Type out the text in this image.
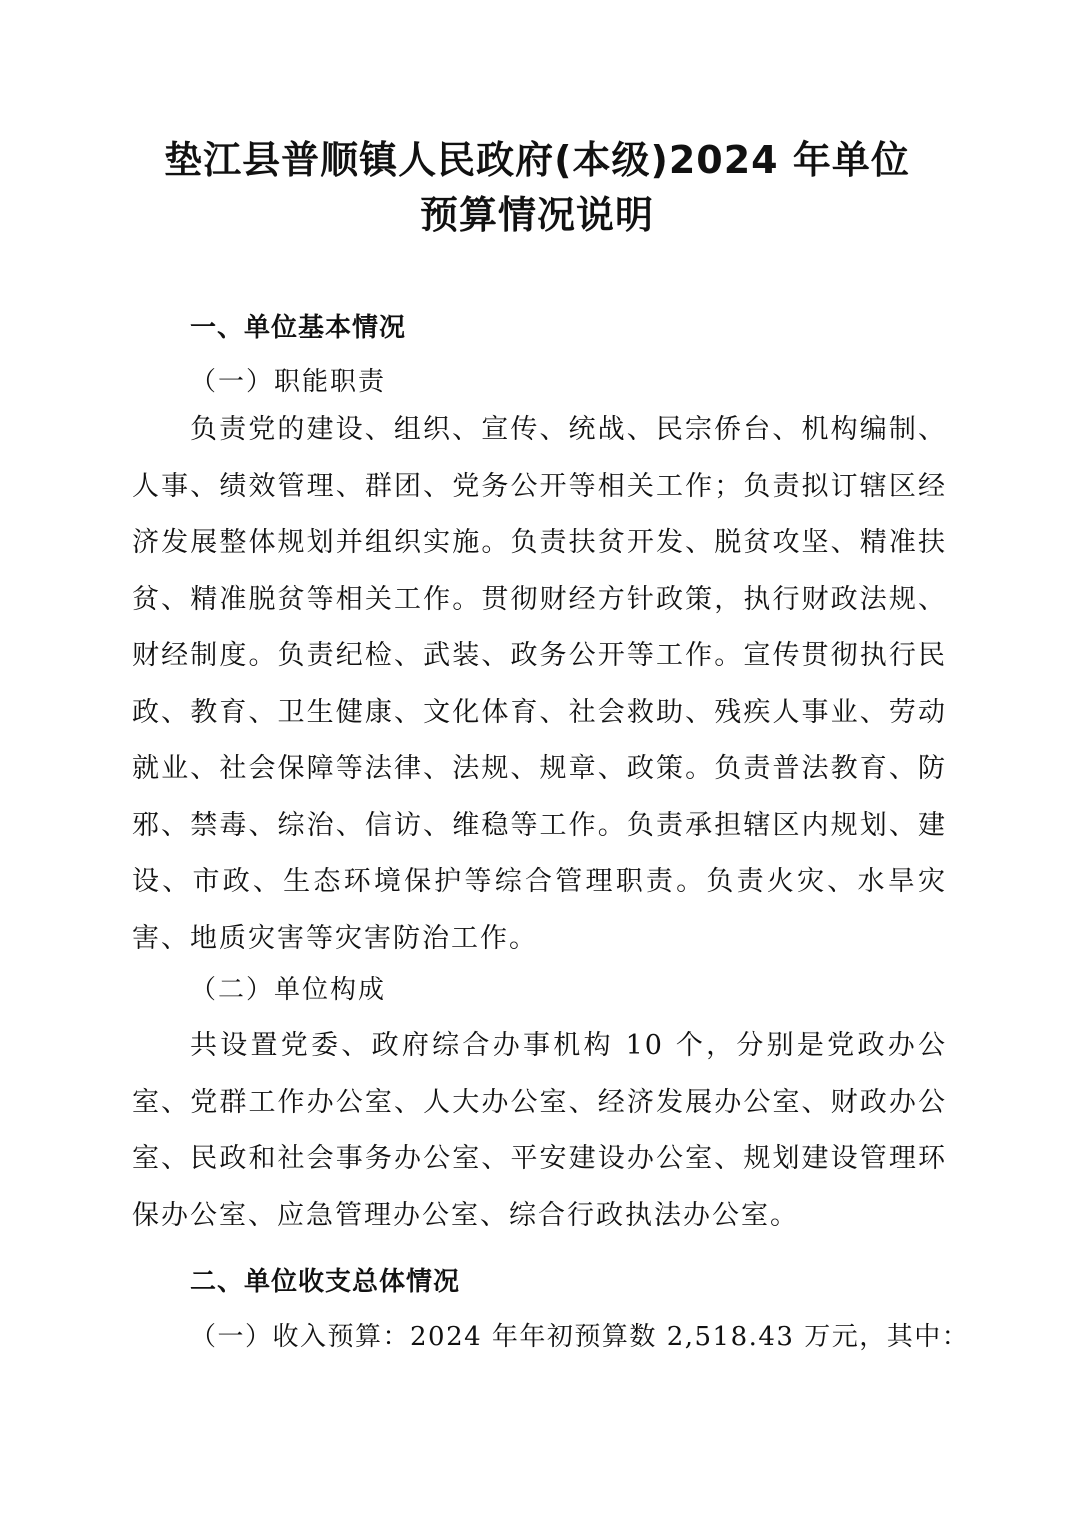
垫江县普顺镇人民政府(本级)2024 年单位
预算情况说明
一、单位基本情况
（一）职能职责
负责党的建设、组织、宣传、统战、民宗侨台、机构编制、人事、绩效管理、群团、党务公开等相关工作；负责拟订辖区经济发展整体规划并组织实施。负责扶贫开发、脱贫攻坚、精准扶贫、精准脱贫等相关工作。贯彻财经方针政策，执行财政法规、财经制度。负责纪检、武装、政务公开等工作。宣传贯彻执行民政、教育、卫生健康、文化体育、社会救助、残疾人事业、劳动就业、社会保障等法律、法规、规章、政策。负责普法教育、防邪、禁毒、综治、信访、维稳等工作。负责承担辖区内规划、建设、市政、生态环境保护等综合管理职责。负责火灾、水旱灾害、地质灾害等灾害防治工作。
（二）单位构成
共设置党委、政府综合办事机构 10 个，分别是党政办公室、党群工作办公室、人大办公室、经济发展办公室、财政办公室、民政和社会事务办公室、平安建设办公室、规划建设管理环保办公室、应急管理办公室、综合行政执法办公室。
二、单位收支总体情况
（一）收入预算：2024 年年初预算数 2,518.43 万元，其中：
